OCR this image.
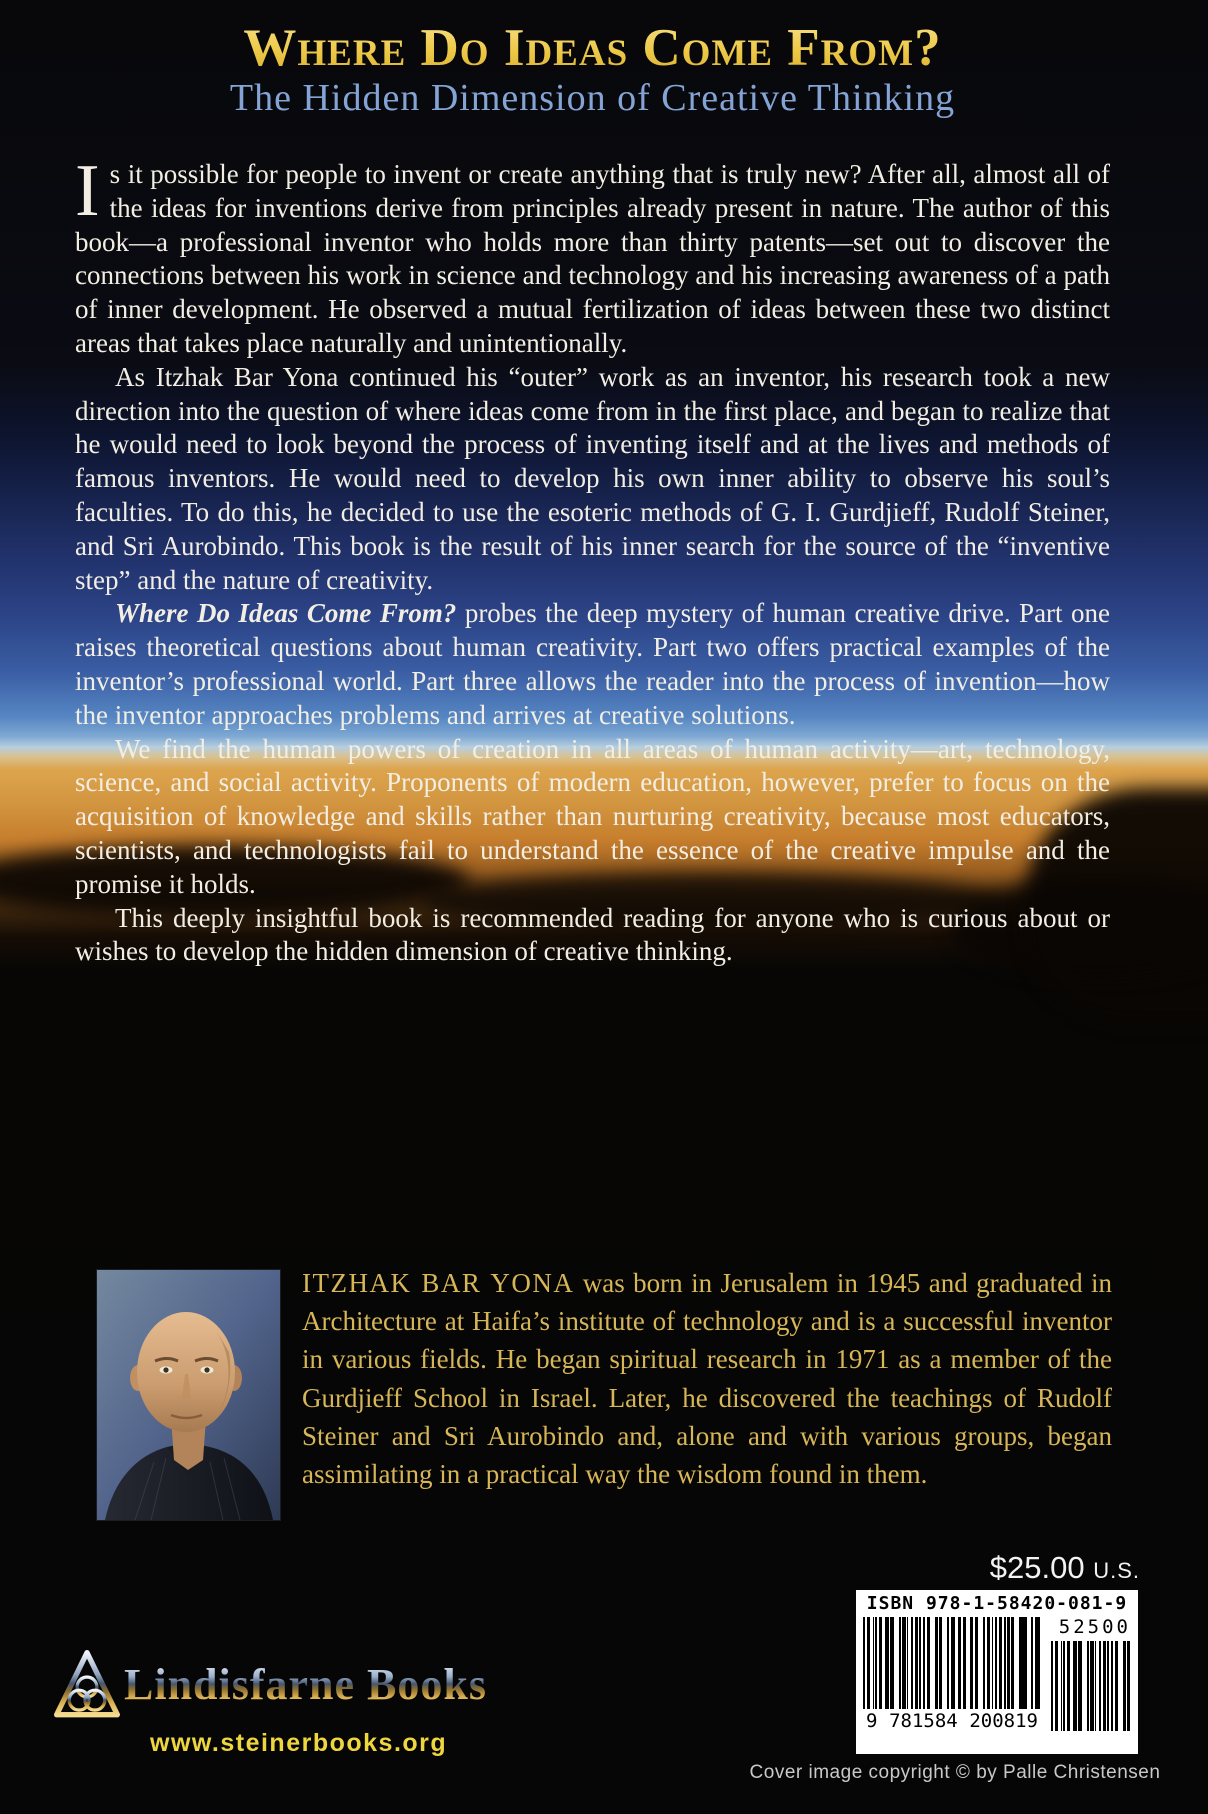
Where Do Ideas Come From?
The Hidden Dimension of Creative Thinking

Is it possible for people to invent or create anything that is truly new? After all, almost all of the ideas for inventions derive from principles already present in nature. The author of this book—a professional inventor who holds more than thirty patents—set out to discover the connections between his work in science and technology and his increasing awareness of a path of inner development. He observed a mutual fertilization of ideas between these two distinct areas that takes place naturally and unintentionally.

As Itzhak Bar Yona continued his “outer” work as an inventor, his research took a new direction into the question of where ideas come from in the first place, and began to realize that he would need to look beyond the process of inventing itself and at the lives and methods of famous inventors. He would need to develop his own inner ability to observe his soul’s faculties. To do this, he decided to use the esoteric methods of G. I. Gurdjieff, Rudolf Steiner, and Sri Aurobindo. This book is the result of his inner search for the source of the “inventive step” and the nature of creativity.

Where Do Ideas Come From? probes the deep mystery of human creative drive. Part one raises theoretical questions about human creativity. Part two offers practical examples of the inventor’s professional world. Part three allows the reader into the process of invention—how the inventor approaches problems and arrives at creative solutions.

We find the human powers of creation in all areas of human activity—art, technology, science, and social activity. Proponents of modern education, however, prefer to focus on the acquisition of knowledge and skills rather than nurturing creativity, because most educators, scientists, and technologists fail to understand the essence of the creative impulse and the promise it holds.

This deeply insightful book is recommended reading for anyone who is curious about or wishes to develop the hidden dimension of creative thinking.

ITZHAK BAR YONA was born in Jerusalem in 1945 and graduated in Architecture at Haifa’s institute of technology and is a successful inventor in various fields. He began spiritual research in 1971 as a member of the Gurdjieff School in Israel. Later, he discovered the teachings of Rudolf Steiner and Sri Aurobindo and, alone and with various groups, began assimilating in a practical way the wisdom found in them.

$25.00 U.S.
ISBN 978-1-58420-081-9
9 781584 200819
52500
Cover image copyright © by Palle Christensen
Lindisfarne Books
www.steinerbooks.org
